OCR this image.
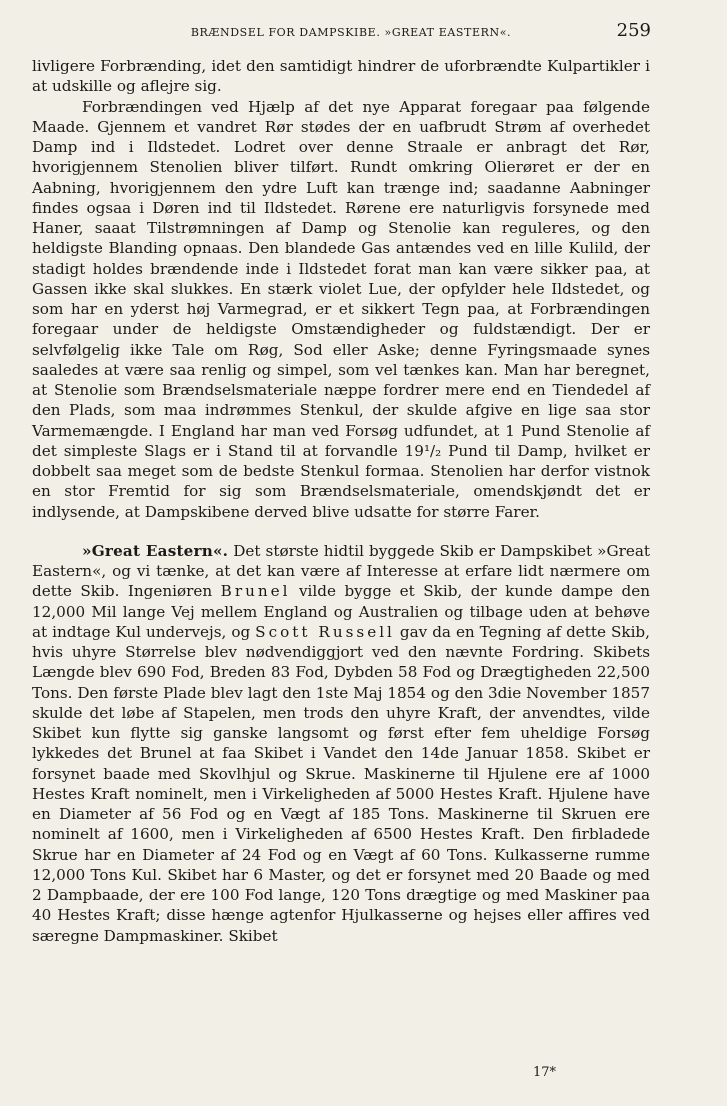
BRÆNDSEL FOR DAMPSKIBE. »GREAT EASTERN«.	259

livligere Forbrænding, idet den samtidigt hindrer de uforbrændte Kulpartikler i at udskille og aflejre sig.

Forbrændingen ved Hjælp af det nye Apparat foregaar paa følgende Maade. Gjennem et vandret Rør stødes der en uafbrudt Strøm af overhedet Damp ind i Ildstedet. Lodret over denne Straale er anbragt det Rør, hvorigjennem Stenolien bliver tilført. Rundt omkring Olierøret er der en Aabning, hvorigjennem den ydre Luft kan trænge ind; saadanne Aabninger findes ogsaa i Døren ind til Ildstedet. Rørene ere naturligvis forsynede med Haner, saaat Tilstrømningen af Damp og Stenolie kan reguleres, og den heldigste Blanding opnaas. Den blandede Gas antændes ved en lille Kulild, der stadigt holdes brændende inde i Ildstedet forat man kan være sikker paa, at Gassen ikke skal slukkes. En stærk violet Lue, der opfylder hele Ildstedet, og som har en yderst høj Varmegrad, er et sikkert Tegn paa, at Forbrændingen foregaar under de heldigste Omstændigheder og fuldstændigt. Der er selvfølgelig ikke Tale om Røg, Sod eller Aske; denne Fyringsmaade synes saaledes at være saa renlig og simpel, som vel tænkes kan. Man har beregnet, at Stenolie som Brændselsmateriale næppe fordrer mere end en Tiendedel af den Plads, som maa indrømmes Stenkul, der skulde afgive en lige saa stor Varmemængde. I England har man ved Forsøg udfundet, at 1 Pund Stenolie af det simpleste Slags er i Stand til at forvandle 19¹/₂ Pund til Damp, hvilket er dobbelt saa meget som de bedste Stenkul formaa. Stenolien har derfor vistnok en stor Fremtid for sig som Brændselsmateriale, omendskjøndt det er indlysende, at Dampskibene derved blive udsatte for større Farer.

»Great Eastern«. Det største hidtil byggede Skib er Dampskibet »Great Eastern«, og vi tænke, at det kan være af Interesse at erfare lidt nærmere om dette Skib. Ingeniøren Brunel vilde bygge et Skib, der kunde dampe den 12,000 Mil lange Vej mellem England og Australien og tilbage uden at behøve at indtage Kul undervejs, og Scott Russell gav da en Tegning af dette Skib, hvis uhyre Størrelse blev nødvendiggjort ved den nævnte Fordring. Skibets Længde blev 690 Fod, Breden 83 Fod, Dybden 58 Fod og Drægtigheden 22,500 Tons. Den første Plade blev lagt den 1ste Maj 1854 og den 3die November 1857 skulde det løbe af Stapelen, men trods den uhyre Kraft, der anvendtes, vilde Skibet kun flytte sig ganske langsomt og først efter fem uheldige Forsøg lykkedes det Brunel at faa Skibet i Vandet den 14de Januar 1858. Skibet er forsynet baade med Skovlhjul og Skrue. Maskinerne til Hjulene ere af 1000 Hestes Kraft nominelt, men i Virkeligheden af 5000 Hestes Kraft. Hjulene have en Diameter af 56 Fod og en Vægt af 185 Tons. Maskinerne til Skruen ere nominelt af 1600, men i Virkeligheden af 6500 Hestes Kraft. Den firbladede Skrue har en Diameter af 24 Fod og en Vægt af 60 Tons. Kulkasserne rumme 12,000 Tons Kul. Skibet har 6 Master, og det er forsynet med 20 Baade og med 2 Dampbaade, der ere 100 Fod lange, 120 Tons drægtige og med Maskiner paa 40 Hestes Kraft; disse hænge agtenfor Hjulkasserne og hejses eller affires ved særegne Dampmaskiner. Skibet

17*
